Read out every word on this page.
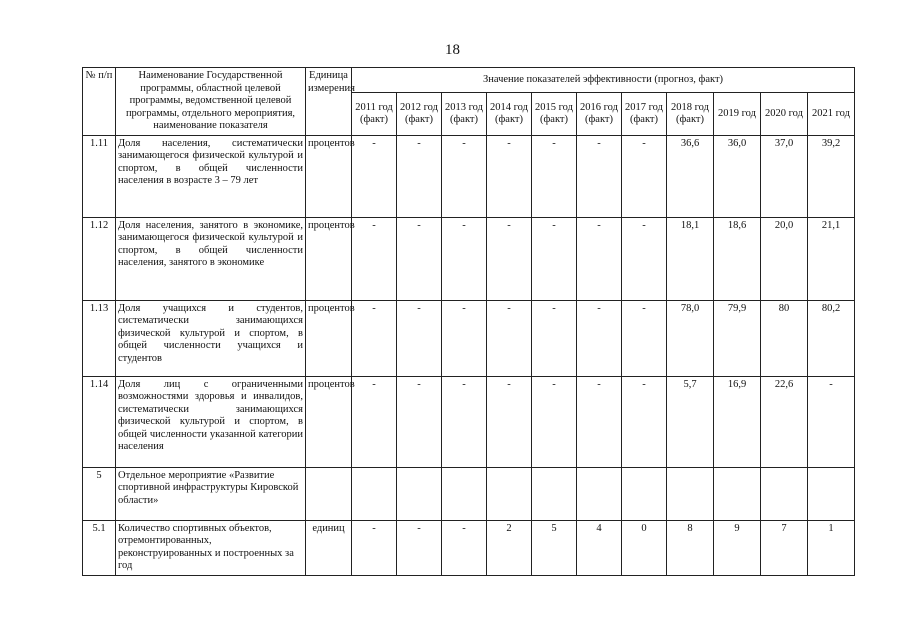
18
№ п/п	Наименование Государственной программы, областной целевой программы, ведомственной целевой программы, отдельного мероприятия, наименование показателя	Единица измерения	Значение показателей эффективности (прогноз, факт)										
			2011 год (факт)	2012 год (факт)	2013 год (факт)	2014 год (факт)	2015 год (факт)	2016 год (факт)	2017 год (факт)	2018 год (факт)	2019 год	2020 год	2021 год
1.11	Доля населения, систематически занимающегося физической культурой и спортом, в общей численности населения в возрасте 3 – 79 лет	процентов	-	-	-	-	-	-	-	36,6	36,0	37,0	39,2
1.12	Доля населения, занятого в экономике, занимающегося физической культурой и спортом, в общей численности населения, занятого в экономике	процентов	-	-	-	-	-	-	-	18,1	18,6	20,0	21,1
1.13	Доля учащихся и студентов, систематически занимающихся физической культурой и спортом, в общей численности учащихся и студентов	процентов	-	-	-	-	-	-	-	78,0	79,9	80	80,2
1.14	Доля лиц с ограниченными возможностями здоровья и инвалидов, систематически занимающихся физической культурой и спортом, в общей численности указанной категории населения	процентов	-	-	-	-	-	-	-	5,7	16,9	22,6	-
5	Отдельное мероприятие «Развитие спортивной инфраструктуры Кировской области»												
5.1	Количество спортивных объектов, отремонтированных, реконструированных и построенных за год	единиц	-	-	-	2	5	4	0	8	9	7	1
